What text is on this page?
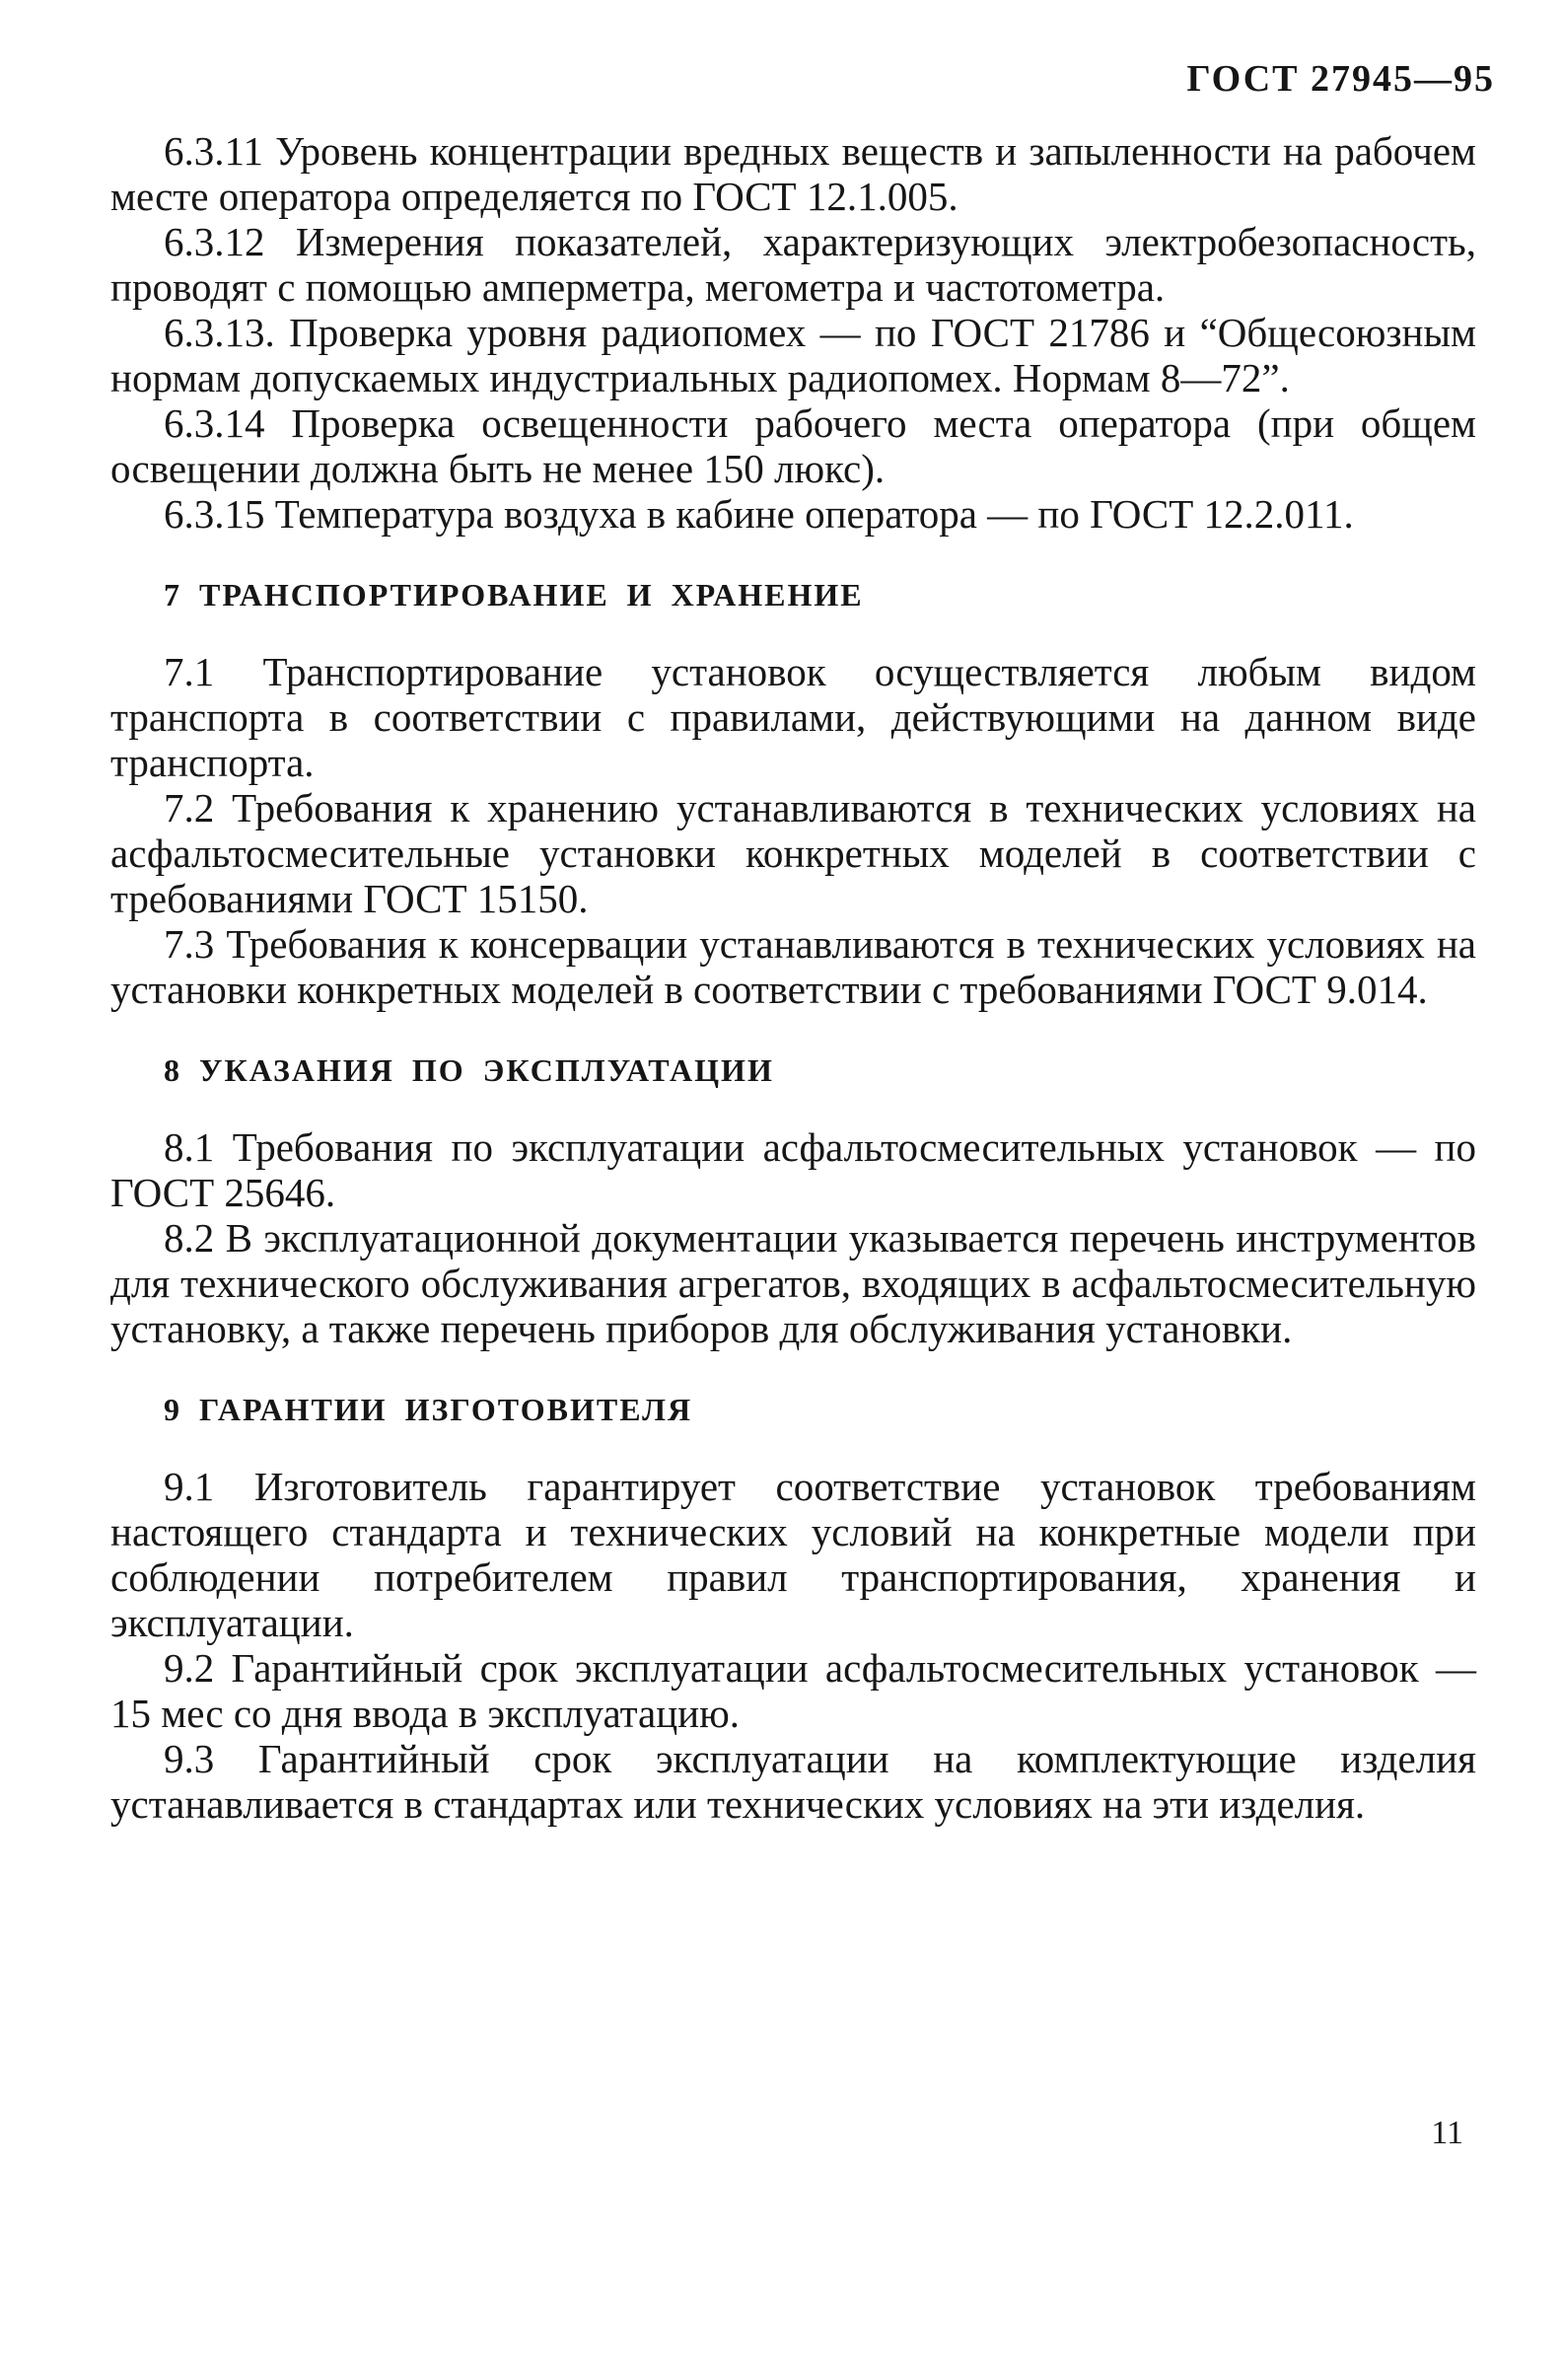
ГОСТ 27945—95

6.3.11 Уровень концентрации вредных веществ и запыленности на рабочем месте оператора определяется по ГОСТ 12.1.005.

6.3.12 Измерения показателей, характеризующих электробезопасность, проводят с помощью амперметра, мегометра и частотометра.

6.3.13. Проверка уровня радиопомех — по ГОСТ 21786 и “Общесоюзным нормам допускаемых индустриальных радиопомех. Нормам 8—72”.

6.3.14 Проверка освещенности рабочего места оператора (при общем освещении должна быть не менее 150 люкс).

6.3.15 Температура воздуха в кабине оператора — по ГОСТ 12.2.011.

7 ТРАНСПОРТИРОВАНИЕ И ХРАНЕНИЕ

7.1 Транспортирование установок осуществляется любым видом транспорта в соответствии с правилами, действующими на данном виде транспорта.

7.2 Требования к хранению устанавливаются в технических условиях на асфальтосмесительные установки конкретных моделей в соответствии с требованиями ГОСТ 15150.

7.3 Требования к консервации устанавливаются в технических условиях на установки конкретных моделей в соответствии с требованиями ГОСТ 9.014.

8 УКАЗАНИЯ ПО ЭКСПЛУАТАЦИИ

8.1 Требования по эксплуатации асфальтосмесительных установок — по ГОСТ 25646.

8.2 В эксплуатационной документации указывается перечень инструментов для технического обслуживания агрегатов, входящих в асфальтосмесительную установку, а также перечень приборов для обслуживания установки.

9 ГАРАНТИИ ИЗГОТОВИТЕЛЯ

9.1 Изготовитель гарантирует соответствие установок требованиям настоящего стандарта и технических условий на конкретные модели при соблюдении потребителем правил транспортирования, хранения и эксплуатации.

9.2 Гарантийный срок эксплуатации асфальтосмесительных установок — 15 мес со дня ввода в эксплуатацию.

9.3 Гарантийный срок эксплуатации на комплектующие изделия устанавливается в стандартах или технических условиях на эти изделия.

11
